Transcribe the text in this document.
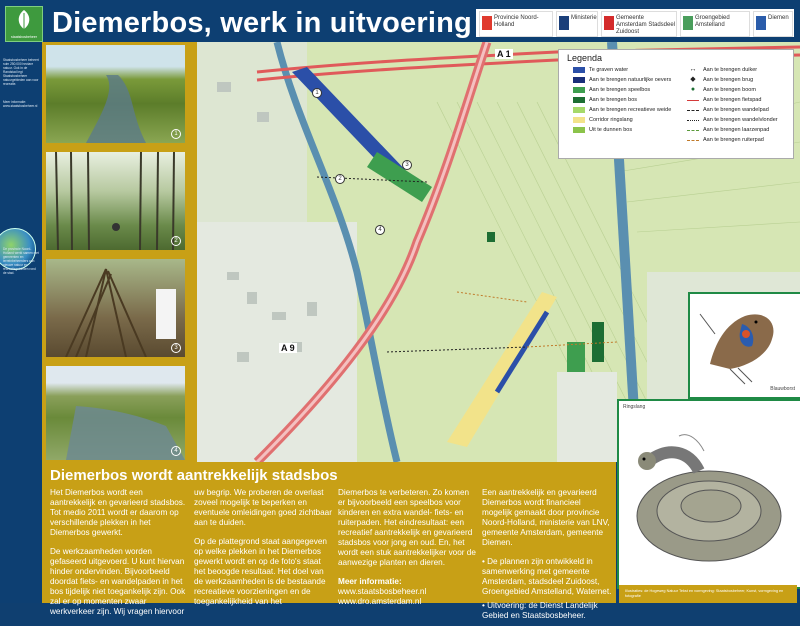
staatsbosbeheer Diemerbos, werk in uitvoering	Provincie Noord-Holland
Ministerie	Gemeente Amsterdam Stadsdeel Zuidoost
Groengebied Amstelland
Diemen

Staatsbosbeheer beheert ruim 250.000 hectare natuur. Ook in de Randstad legt Staatsbosbeheer natuurgebieden aan voor recreatie.

Meer informatie: www.staatsbosbeheer.nl

De provincie Noord-Holland werkt samen met gemeenten en terreinbeheerders aan nieuwe natuur en recreatiegebieden rond de stad.

1
2
3
4
A 1
A 9
1
2
3
4
Legenda
Te graven water
Aan te brengen natuurlijke oevers
Aan te brengen speelbos
Aan te brengen bos
Aan te brengen recreatieve weide
Corridor ringslang
Uit te dunnen bos
↔	Aan te brengen duiker
◆	Aan te brengen brug
●	Aan te brengen boom
Aan te brengen fietspad
Aan te brengen wandelpad
Aan te brengen wandelvlonder
Aan te brengen laarzenpad
Aan te brengen ruiterpad
Blauwborst
Ringslang
Diemerbos wordt aantrekkelijk stadsbos

Het Diemerbos wordt een aantrekkelijk en gevarieerd stadsbos. Tot medio 2011 wordt er daarom op verschillende plekken in het Diemerbos gewerkt.

De werkzaamheden worden gefaseerd uitgevoerd. U kunt hiervan hinder ondervinden. Bijvoorbeeld doordat fiets- en wandelpaden in het bos tijdelijk niet toegankelijk zijn. Ook zal er op momenten zwaar werkverkeer zijn. Wij vragen hiervoor

uw begrip. We proberen de overlast zoveel mogelijk te beperken en eventuele omleidingen goed zichtbaar aan te duiden.

Op de plattegrond staat aangegeven op welke plekken in het Diemerbos gewerkt wordt en op de foto's staat het beoogde resultaat. Het doel van de werkzaamheden is de bestaande recreatieve voorzieningen en de toegankelijkheid van het

Diemerbos te verbeteren. Zo komen er bijvoorbeeld een speelbos voor kinderen en extra wandel- fiets- en ruiterpaden. Het eindresultaat: een recreatief aantrekkelijk en gevarieerd stadsbos voor jong en oud. En, het wordt een stuk aantrekkelijker voor de aanwezige planten en dieren.

Meer informatie:

www.staatsbosbeheer.nl

www.dro.amsterdam.nl

Een aantrekkelijk en gevarieerd Diemerbos wordt financieel mogelijk gemaakt door provincie Noord-Holland, ministerie van LNV, gemeente Amsterdam, gemeente Diemen.

• De plannen zijn ontwikkeld in samenwerking met gemeente Amsterdam, stadsdeel Zuidoost, Groengebied Amstelland, Waternet.

• Uitvoering: de Dienst Landelijk Gebied en Staatsbosbeheer.

Illustraties: de Hogeweg Natuur Tekst en vormgeving: Staatsbosbeheer, Kunst, vormgeving en fotografie
